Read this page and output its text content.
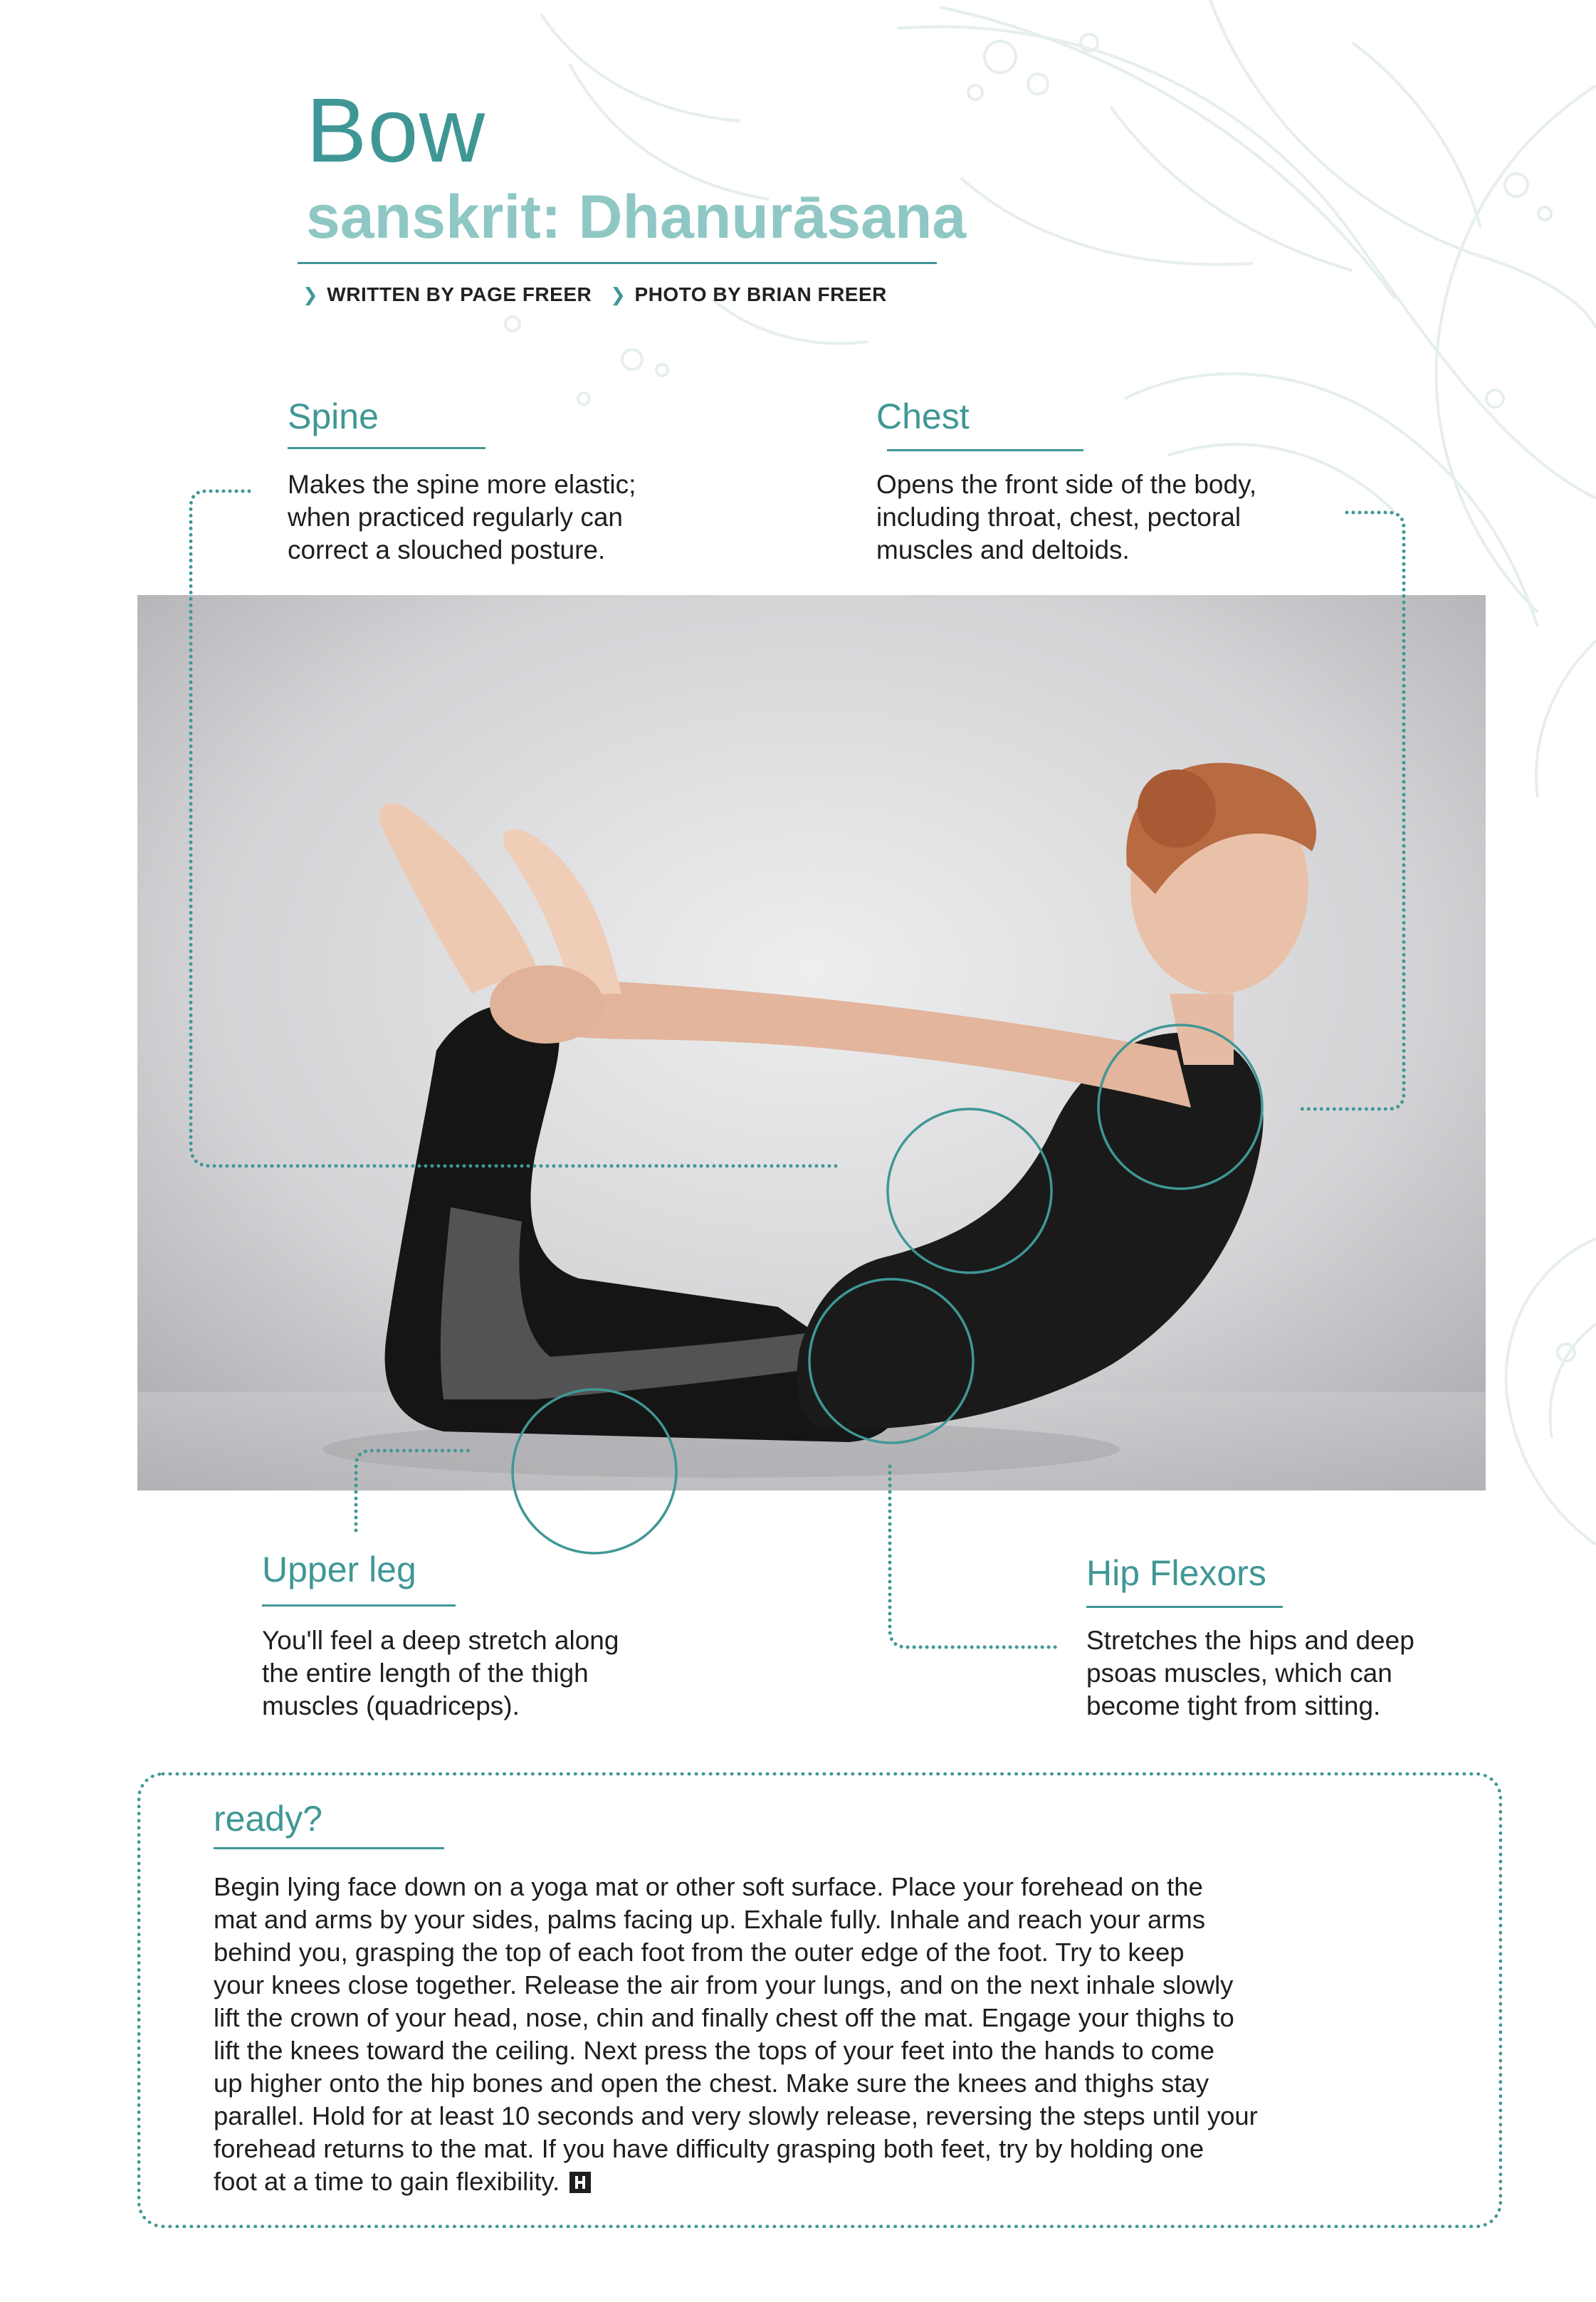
Bow
sanskrit: Dhanurāsana
❯ WRITTEN BY PAGE FREER ❯ PHOTO BY BRIAN FREER
Spine

Makes the spine more elastic;

when practiced regularly can

correct a slouched posture.

Chest

Opens the front side of the body,

including throat, chest, pectoral

muscles and deltoids.

Upper leg

You'll feel a deep stretch along

the entire length of the thigh

muscles (quadriceps).

Hip Flexors

Stretches the hips and deep

psoas muscles, which can

become tight from sitting.

ready?

Begin lying face down on a yoga mat or other soft surface. Place your forehead on the

mat and arms by your sides, palms facing up. Exhale fully. Inhale and reach your arms

behind you, grasping the top of each foot from the outer edge of the foot. Try to keep

your knees close together. Release the air from your lungs, and on the next inhale slowly

lift the crown of your head, nose, chin and finally chest off the mat. Engage your thighs to

lift the knees toward the ceiling. Next press the tops of your feet into the hands to come

up higher onto the hip bones and open the chest. Make sure the knees and thighs stay

parallel. Hold for at least 10 seconds and very slowly release, reversing the steps until your

forehead returns to the mat. If you have difficulty grasping both feet, try by holding one

foot at a time to gain flexibility.
